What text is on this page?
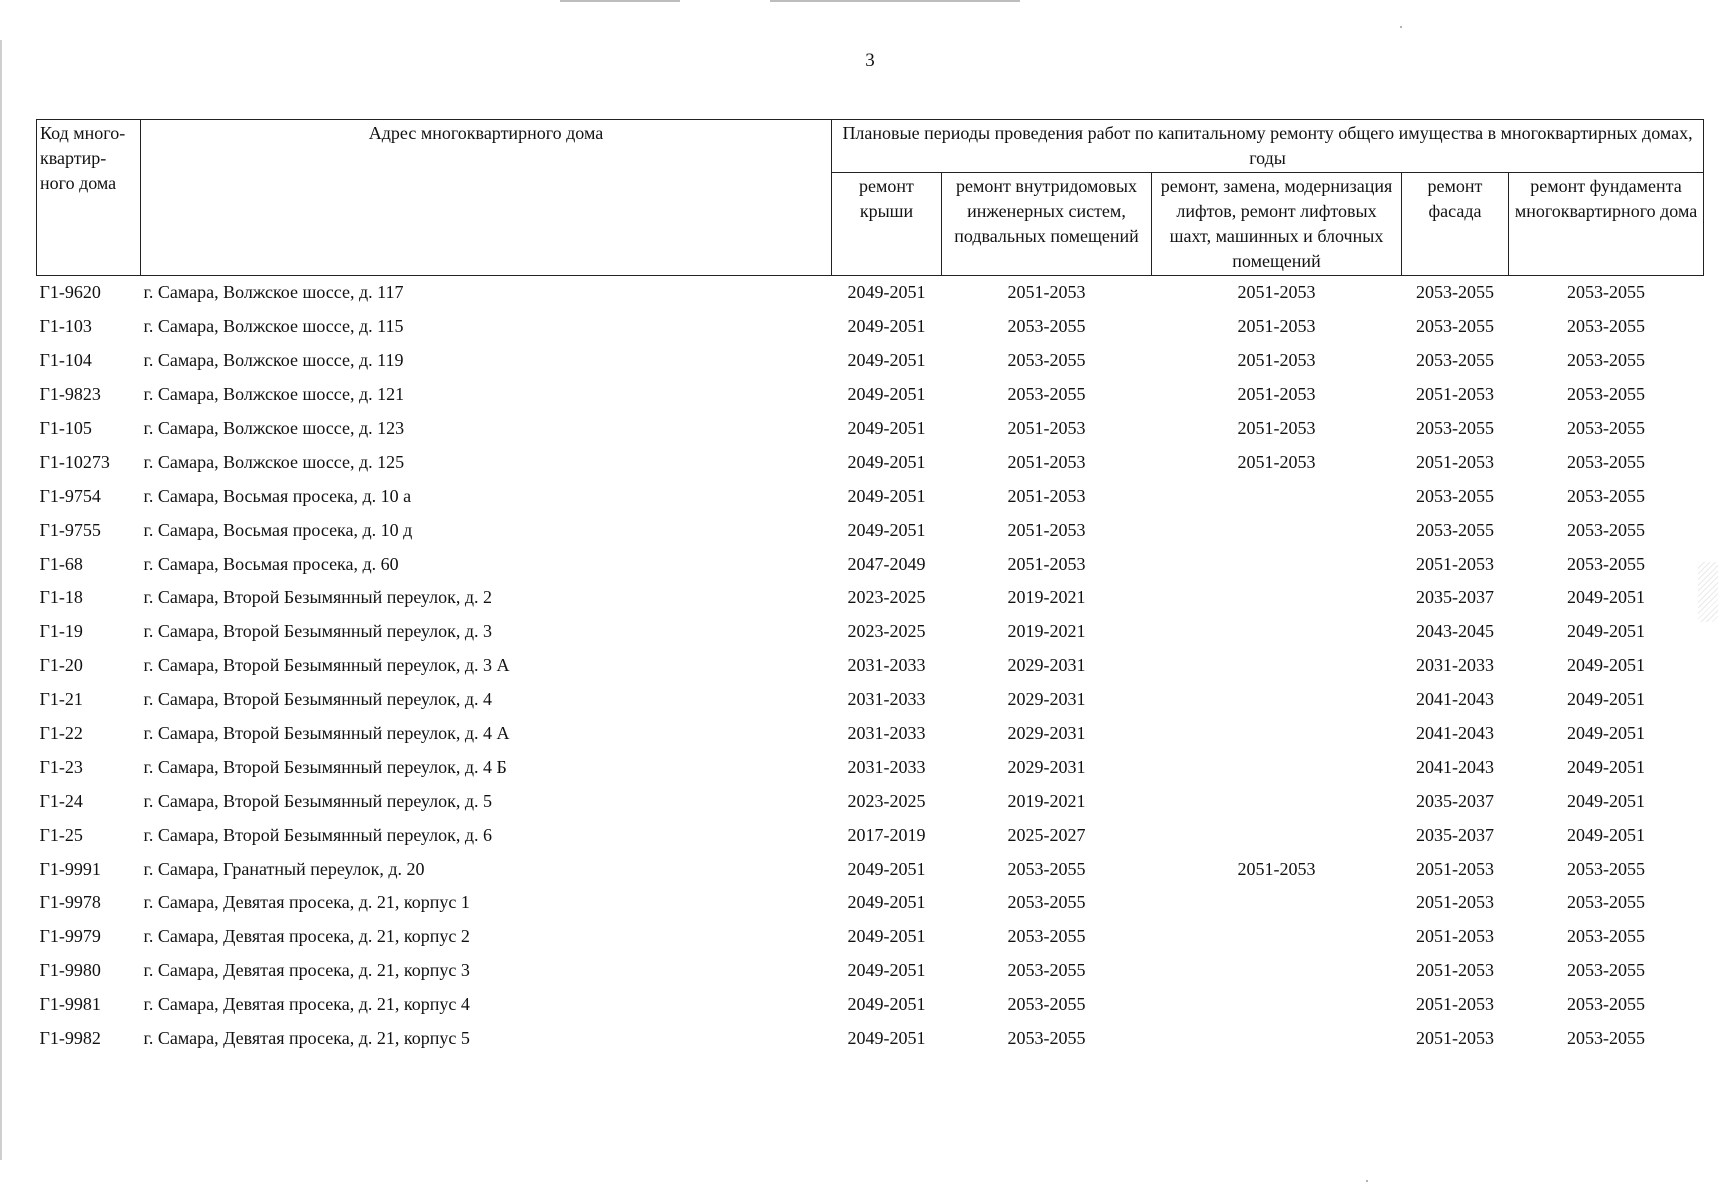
3
Код много-квартир-ного дома	Адрес многоквартирного дома	Плановые периоды проведения работ по капитальному ремонту общего имущества в многоквартирных домах, годы				
		ремонт крыши	ремонт внутридомовых инженерных систем, подвальных помещений	ремонт, замена, модернизация лифтов, ремонт лифтовых шахт, машинных и блочных помещений	ремонт фасада	ремонт фундамента многоквартирного дома
Г1-9620	г. Самара, Волжское шоссе, д. 117	2049-2051	2051-2053	2051-2053	2053-2055	2053-2055
Г1-103	г. Самара, Волжское шоссе, д. 115	2049-2051	2053-2055	2051-2053	2053-2055	2053-2055
Г1-104	г. Самара, Волжское шоссе, д. 119	2049-2051	2053-2055	2051-2053	2053-2055	2053-2055
Г1-9823	г. Самара, Волжское шоссе, д. 121	2049-2051	2053-2055	2051-2053	2051-2053	2053-2055
Г1-105	г. Самара, Волжское шоссе, д. 123	2049-2051	2051-2053	2051-2053	2053-2055	2053-2055
Г1-10273	г. Самара, Волжское шоссе, д. 125	2049-2051	2051-2053	2051-2053	2051-2053	2053-2055
Г1-9754	г. Самара, Восьмая просека, д. 10 а	2049-2051	2051-2053		2053-2055	2053-2055
Г1-9755	г. Самара, Восьмая просека, д. 10 д	2049-2051	2051-2053		2053-2055	2053-2055
Г1-68	г. Самара, Восьмая просека, д. 60	2047-2049	2051-2053		2051-2053	2053-2055
Г1-18	г. Самара, Второй Безымянный переулок, д. 2	2023-2025	2019-2021		2035-2037	2049-2051
Г1-19	г. Самара, Второй Безымянный переулок, д. 3	2023-2025	2019-2021		2043-2045	2049-2051
Г1-20	г. Самара, Второй Безымянный переулок, д. 3 А	2031-2033	2029-2031		2031-2033	2049-2051
Г1-21	г. Самара, Второй Безымянный переулок, д. 4	2031-2033	2029-2031		2041-2043	2049-2051
Г1-22	г. Самара, Второй Безымянный переулок, д. 4 А	2031-2033	2029-2031		2041-2043	2049-2051
Г1-23	г. Самара, Второй Безымянный переулок, д. 4 Б	2031-2033	2029-2031		2041-2043	2049-2051
Г1-24	г. Самара, Второй Безымянный переулок, д. 5	2023-2025	2019-2021		2035-2037	2049-2051
Г1-25	г. Самара, Второй Безымянный переулок, д. 6	2017-2019	2025-2027		2035-2037	2049-2051
Г1-9991	г. Самара, Гранатный переулок, д. 20	2049-2051	2053-2055	2051-2053	2051-2053	2053-2055
Г1-9978	г. Самара, Девятая просека, д. 21, корпус 1	2049-2051	2053-2055		2051-2053	2053-2055
Г1-9979	г. Самара, Девятая просека, д. 21, корпус 2	2049-2051	2053-2055		2051-2053	2053-2055
Г1-9980	г. Самара, Девятая просека, д. 21, корпус 3	2049-2051	2053-2055		2051-2053	2053-2055
Г1-9981	г. Самара, Девятая просека, д. 21, корпус 4	2049-2051	2053-2055		2051-2053	2053-2055
Г1-9982	г. Самара, Девятая просека, д. 21, корпус 5	2049-2051	2053-2055		2051-2053	2053-2055
